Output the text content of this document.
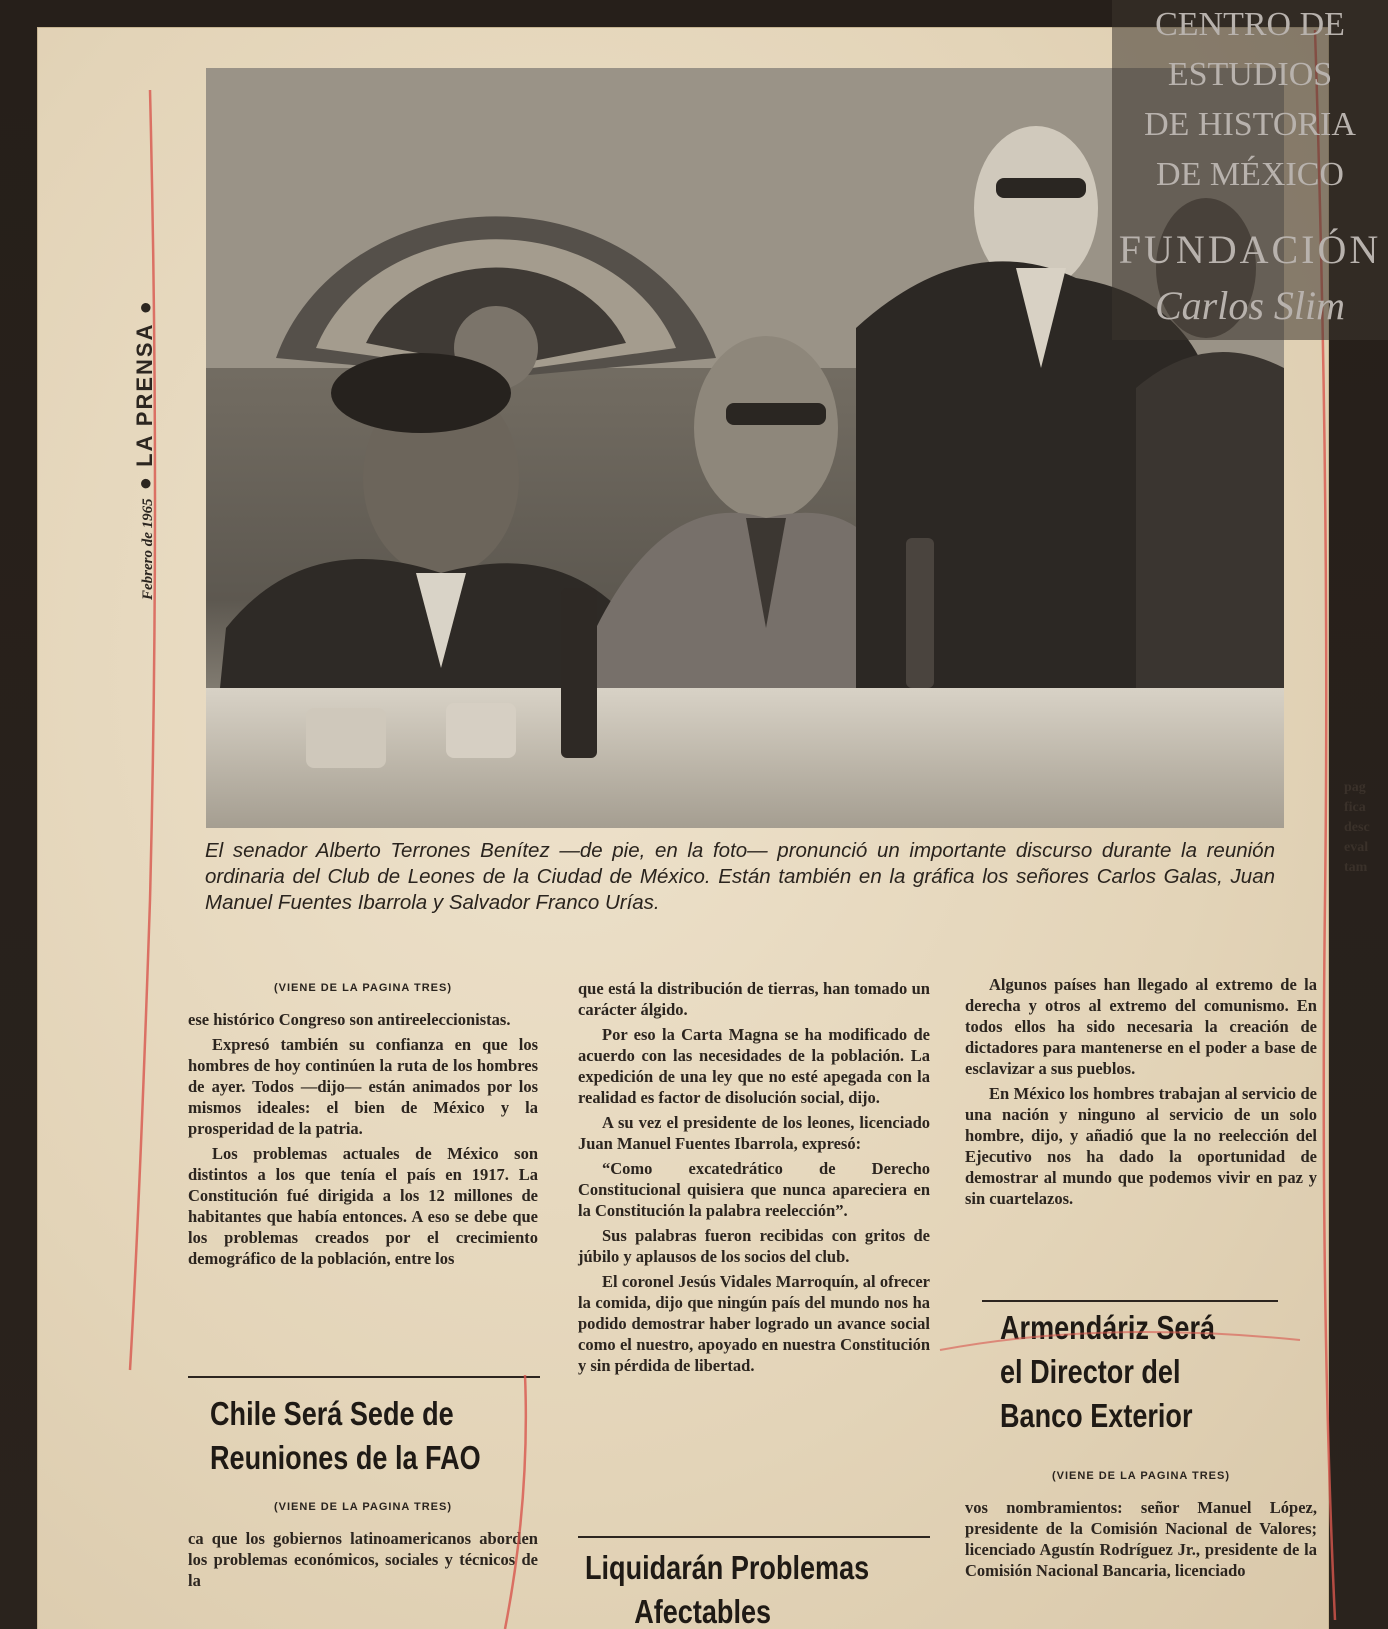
Febrero de 1965 ● LA PRENSA ●
El senador Alberto Terrones Benítez —de pie, en la foto— pronunció un importante discurso durante la reunión ordinaria del Club de Leones de la Ciudad de México. Están también en la gráfica los señores Carlos Galas, Juan Manuel Fuentes Ibarrola y Salvador Franco Urías.
(VIENE DE LA PAGINA TRES)

ese histórico Congreso son antireeleccionistas.

Expresó también su confianza en que los hombres de hoy continúen la ruta de los hombres de ayer. Todos —dijo— están animados por los mismos ideales: el bien de México y la prosperidad de la patria.

Los problemas actuales de México son distintos a los que tenía el país en 1917. La Constitución fué dirigida a los 12 millones de habitantes que había entonces. A eso se debe que los problemas creados por el crecimiento demográfico de la población, entre los

Chile Será Sede de
Reuniones de la FAO
(VIENE DE LA PAGINA TRES)

ca que los gobiernos latinoamericanos aborden los problemas económicos, sociales y técnicos de la

que está la distribución de tierras, han tomado un carácter álgido.

Por eso la Carta Magna se ha modificado de acuerdo con las necesidades de la población. La expedición de una ley que no esté apegada con la realidad es factor de disolución social, dijo.

A su vez el presidente de los leones, licenciado Juan Manuel Fuentes Ibarrola, expresó:

“Como excatedrático de Derecho Constitucional quisiera que nunca apareciera en la Constitución la palabra reelección”.

Sus palabras fueron recibidas con gritos de júbilo y aplausos de los socios del club.

El coronel Jesús Vidales Marroquín, al ofrecer la comida, dijo que ningún país del mundo nos ha podido demostrar haber logrado un avance social como el nuestro, apoyado en nuestra Constitución y sin pérdida de libertad.

Liquidarán Problemas
Afectables

Algunos países han llegado al extremo de la derecha y otros al extremo del comunismo. En todos ellos ha sido necesaria la creación de dictadores para mantenerse en el poder a base de esclavizar a sus pueblos.

En México los hombres trabajan al servicio de una nación y ninguno al servicio de un solo hombre, dijo, y añadió que la no reelección del Ejecutivo nos ha dado la oportunidad de demostrar al mundo que podemos vivir en paz y sin cuartelazos.

Armendáriz Será
el Director del
Banco Exterior
(VIENE DE LA PAGINA TRES)

vos nombramientos: señor Manuel López, presidente de la Comisión Nacional de Valores; licenciado Agustín Rodríguez Jr., presidente de la Comisión Nacional Bancaria, licenciado

CENTRO DE
ESTUDIOS
DE HISTORIA
DE MÉXICO
FUNDACIÓN
Carlos Slim
pag
fica
desc
eval
tam
